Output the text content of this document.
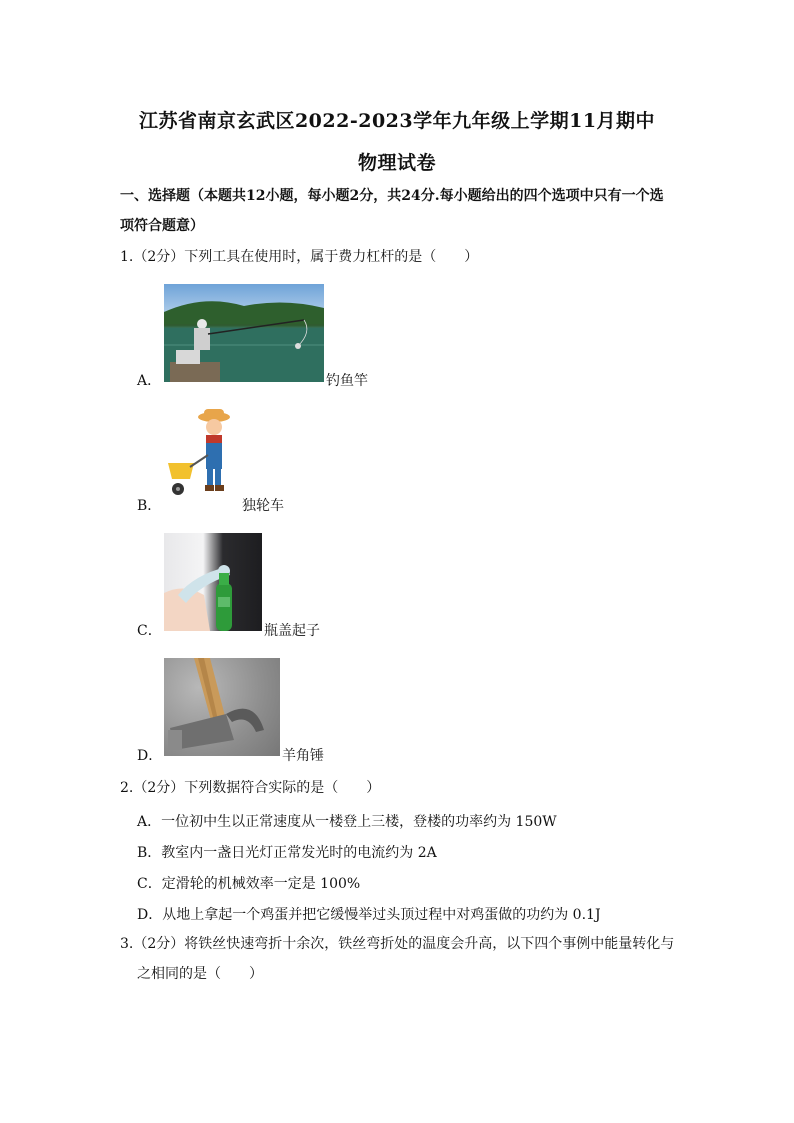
江苏省南京玄武区2022-2023学年九年级上学期11月期中
物理试卷
一、选择题（本题共12小题，每小题2分，共24分.每小题给出的四个选项中只有一个选
项符合题意）
1.（2分）下列工具在使用时，属于费力杠杆的是（　　）
A．	钓鱼竿
B．	独轮车
C．	瓶盖起子
D．	羊角锤
2.（2分）下列数据符合实际的是（　　）
A．一位初中生以正常速度从一楼登上三楼，登楼的功率约为 150W
B．教室内一盏日光灯正常发光时的电流约为 2A
C．定滑轮的机械效率一定是 100%
D．从地上拿起一个鸡蛋并把它缓慢举过头顶过程中对鸡蛋做的功约为 0.1J
3.（2分）将铁丝快速弯折十余次，铁丝弯折处的温度会升高，以下四个事例中能量转化与
之相同的是（　　）
